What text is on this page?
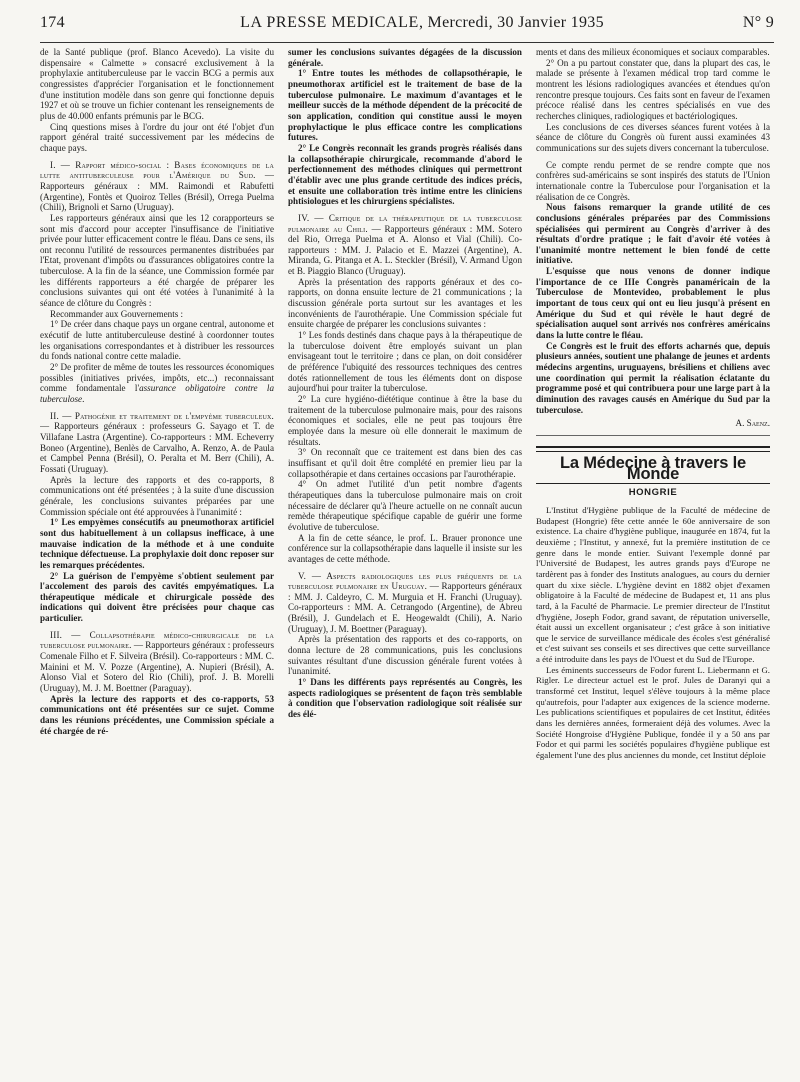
174	LA PRESSE MEDICALE, Mercredi, 30 Janvier 1935	N° 9

de la Santé publique (prof. Blanco Acevedo). La visite du dispensaire « Calmette » consacré exclusivement à la prophylaxie antituberculeuse par le vaccin BCG a permis aux congressistes d'apprécier l'organisation et le fonctionnement d'une institution modèle dans son genre qui fonctionne depuis 1927 et où se trouve un fichier contenant les renseignements de plus de 40.000 enfants prémunis par le BCG.

Cinq questions mises à l'ordre du jour ont été l'objet d'un rapport général traité successivement par les médecins de chaque pays.

I. — Rapport médico-social : Bases économiques de la lutte antituberculeuse pour l'Amérique du Sud. — Rapporteurs généraux : MM. Raimondi et Rabufetti (Argentine), Fontès et Quoiroz Telles (Brésil), Orrega Puelma (Chili), Brignoli et Sarno (Uruguay).

Les rapporteurs généraux ainsi que les 12 corapporteurs se sont mis d'accord pour accepter l'insuffisance de l'initiative privée pour lutter efficacement contre le fléau. Dans ce sens, ils ont reconnu l'utilité de ressources permanentes distribuées par l'Etat, provenant d'impôts ou d'assurances obligatoires contre la tuberculose. A la fin de la séance, une Commission formée par les différents rapporteurs a été chargée de préparer les conclusions suivantes qui ont été votées à l'unanimité à la séance de clôture du Congrès :

Recommander aux Gouvernements :

1° De créer dans chaque pays un organe central, autonome et exécutif de lutte antituberculeuse destiné à coordonner toutes les organisations correspondantes et à distribuer les ressources du fonds national contre cette maladie.

2° De profiter de même de toutes les ressources économiques possibles (initiatives privées, impôts, etc...) reconnaissant comme fondamentale l'assurance obligatoire contre la tuberculose.

II. — Pathogénie et traitement de l'empyème tuberculeux. — Rapporteurs généraux : professeurs G. Sayago et T. de Villafane Lastra (Argentine). Co-rapporteurs : MM. Echeverry Boneo (Argentine), Benlès de Carvalho, A. Renzo, A. de Paula et Campbel Penna (Brésil), O. Peralta et M. Berr (Chili), A. Fossati (Uruguay).

Après la lecture des rapports et des co-rapports, 8 communications ont été présentées ; à la suite d'une discussion générale, les conclusions suivantes préparées par une Commission spéciale ont été approuvées à l'unanimité :

1° Les empyèmes consécutifs au pneumothorax artificiel sont dus habituellement à un collapsus inefficace, à une mauvaise indication de la méthode et à une conduite technique défectueuse. La prophylaxie doit donc reposer sur les remarques précédentes.

2° La guérison de l'empyème s'obtient seulement par l'accolement des parois des cavités empyématiques. La thérapeutique médicale et chirurgicale possède des indications qui doivent être précisées pour chaque cas particulier.

III. — Collapsothérapie médico-chirurgicale de la tuberculose pulmonaire. — Rapporteurs généraux : professeurs Comenale Filho et F. Silveira (Brésil). Co-rapporteurs : MM. C. Mainini et M. V. Pozze (Argentine), A. Nupieri (Brésil), A. Alonso Vial et Sotero del Rio (Chili), prof. J. B. Morelli (Uruguay), M. J. M. Boettner (Paraguay).

Après la lecture des rapports et des co-rapports, 53 communications ont été présentées sur ce sujet. Comme dans les réunions précédentes, une Commission spéciale a été chargée de ré-

sumer les conclusions suivantes dégagées de la discussion générale.

1° Entre toutes les méthodes de collapsothérapie, le pneumothorax artificiel est le traitement de base de la tuberculose pulmonaire. Le maximum d'avantages et le meilleur succès de la méthode dépendent de la précocité de son application, condition qui constitue aussi le moyen prophylactique le plus efficace contre les complications futures.

2° Le Congrès reconnaît les grands progrès réalisés dans la collapsothérapie chirurgicale, recommande d'abord le perfectionnement des méthodes cliniques qui permettront d'établir avec une plus grande certitude des indices précis, et ensuite une collaboration très intime entre les cliniciens phtisiologues et les chirurgiens spécialistes.

IV. — Critique de la thérapeutique de la tuberculose pulmonaire au Chili. — Rapporteurs généraux : MM. Sotero del Rio, Orrega Puelma et A. Alonso et Vial (Chili). Co-rapporteurs : MM. J. Palacio et E. Mazzei (Argentine), A. Miranda, G. Pitanga et A. L. Steckler (Brésil), V. Armand Ugon et B. Piaggio Blanco (Uruguay).

Après la présentation des rapports généraux et des co-rapports, on donna ensuite lecture de 21 communications ; la discussion générale porta surtout sur les avantages et les inconvénients de l'aurothérapie. Une Commission spéciale fut ensuite chargée de préparer les conclusions suivantes :

1° Les fonds destinés dans chaque pays à la thérapeutique de la tuberculose doivent être employés suivant un plan envisageant tout le territoire ; dans ce plan, on doit considérer de préférence l'ubiquité des ressources techniques des centres dotés rationnellement de tous les éléments dont on dispose aujourd'hui pour traiter la tuberculose.

2° La cure hygiéno-diététique continue à être la base du traitement de la tuberculose pulmonaire mais, pour des raisons économiques et sociales, elle ne peut pas toujours être employée dans la mesure où elle donnerait le maximum de résultats.

3° On reconnaît que ce traitement est dans bien des cas insuffisant et qu'il doit être complété en premier lieu par la collapsothérapie et dans certaines occasions par l'aurothérapie.

4° On admet l'utilité d'un petit nombre d'agents thérapeutiques dans la tuberculose pulmonaire mais on croit nécessaire de déclarer qu'à l'heure actuelle on ne connaît aucun remède thérapeutique spécifique capable de guérir une forme évolutive de tuberculose.

A la fin de cette séance, le prof. L. Brauer prononce une conférence sur la collapsothérapie dans laquelle il insiste sur les avantages de cette méthode.

V. — Aspects radiologiques les plus fréquents de la tuberculose pulmonaire en Uruguay. — Rapporteurs généraux : MM. J. Caldeyro, C. M. Murguia et H. Franchi (Uruguay). Co-rapporteurs : MM. A. Cetrangodo (Argentine), de Abreu (Brésil), J. Gundelach et E. Heogewaldt (Chili), A. Nario (Uruguay), J. M. Boettner (Paraguay).

Après la présentation des rapports et des co-rapports, on donna lecture de 28 communications, puis les conclusions suivantes résultant d'une discussion générale furent votées à l'unanimité.

1° Dans les différents pays représentés au Congrès, les aspects radiologiques se présentent de façon très semblable à condition que l'observation radiologique soit réalisée sur des élé-

ments et dans des milieux économiques et sociaux comparables.

2° On a pu partout constater que, dans la plupart des cas, le malade se présente à l'examen médical trop tard comme le montrent les lésions radiologiques avancées et étendues qu'on rencontre presque toujours. Ces faits sont en faveur de l'examen précoce réalisé dans les centres spécialisés en vue des recherches cliniques, radiologiques et bactériologiques.

Les conclusions de ces diverses séances furent votées à la séance de clôture du Congrès où furent aussi examinées 43 communications sur des sujets divers concernant la tuberculose.

Ce compte rendu permet de se rendre compte que nos confrères sud-américains se sont inspirés des statuts de l'Union internationale contre la Tuberculose pour l'organisation et la réalisation de ce Congrès.

Nous faisons remarquer la grande utilité de ces conclusions générales préparées par des Commissions spécialisées qui permirent au Congrès d'arriver à des résultats d'ordre pratique ; le fait d'avoir été votées à l'unanimité montre nettement le bien fondé de cette initiative.

L'esquisse que nous venons de donner indique l'importance de ce IIIe Congrès panaméricain de la Tuberculose de Montevideo, probablement le plus important de tous ceux qui ont eu lieu jusqu'à présent en Amérique du Sud et qui révèle le haut degré de spécialisation auquel sont arrivés nos confrères américains dans la lutte contre le fléau.

Ce Congrès est le fruit des efforts acharnés que, depuis plusieurs années, soutient une phalange de jeunes et ardents médecins argentins, uruguayens, brésiliens et chiliens avec une coordination qui permit la réalisation éclatante du programme posé et qui contribuera pour une large part à la diminution des ravages causés en Amérique du Sud par la tuberculose.

A. Saenz.

La Médecine à travers le Monde
HONGRIE

L'Institut d'Hygiène publique de la Faculté de médecine de Budapest (Hongrie) fête cette année le 60e anniversaire de son existence. La chaire d'hygiène publique, inaugurée en 1874, fut la deuxième ; l'Institut, y annexé, fut la première institution de ce genre dans le monde entier. Suivant l'exemple donné par l'Université de Budapest, les autres grands pays d'Europe ne tardèrent pas à fonder des Instituts analogues, au cours du dernier quart du xixe siècle. L'hygiène devint en 1882 objet d'examen obligatoire à la Faculté de médecine de Budapest et, 11 ans plus tard, à la Faculté de Pharmacie. Le premier directeur de l'Institut d'hygiène, Joseph Fodor, grand savant, de réputation universelle, était aussi un excellent organisateur ; c'est grâce à son initiative que le service de surveillance médicale des écoles s'est généralisé et c'est suivant ses conseils et ses directives que cette surveillance a été introduite dans les pays de l'Ouest et du Sud de l'Europe.

Les éminents successeurs de Fodor furent L. Liebermann et G. Rigler. Le directeur actuel est le prof. Jules de Daranyi qui a transformé cet Institut, lequel s'élève toujours à la même place qu'autrefois, pour l'adapter aux exigences de la science moderne. Les publications scientifiques et populaires de cet Institut, éditées dans les dernières années, formeraient déjà des volumes. Avec la Société Hongroise d'Hygiène Publique, fondée il y a 50 ans par Fodor et qui parmi les sociétés populaires d'hygiène publique est également l'une des plus anciennes du monde, cet Institut déploie
